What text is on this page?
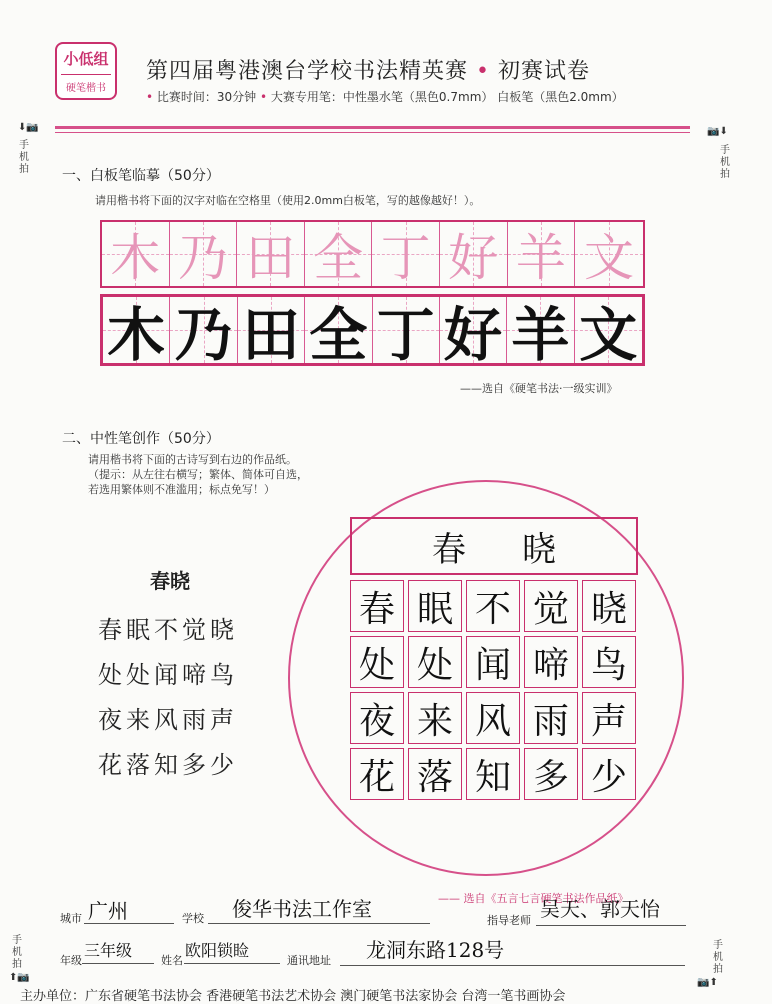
小低组
硬笔楷书
第四届粤港澳台学校书法精英赛 • 初赛试卷
• 比赛时间：30分钟 • 大赛专用笔：中性墨水笔（黑色0.7mm） 白板笔（黑色2.0mm）
⬇📷
手机拍
📷⬇
手机拍
手机拍
⬆📷
手机拍
📷⬆
一、白板笔临摹（50分）
请用楷书将下面的汉字对临在空格里（使用2.0mm白板笔，写的越像越好！）。
木 乃 田 全 丁 好 羊 文
木 乃 田 全 丁 好 羊 文
——选自《硬笔书法·一级实训》
二、中性笔创作（50分）
请用楷书将下面的古诗写到右边的作品纸。
（提示：从左往右横写；繁体、简体可自选，
若选用繁体则不准滥用；标点免写！）
春晓
春眠不觉晓
处处闻啼鸟
夜来风雨声
花落知多少
春 晓
春 眠 不 觉 晓
处 处 闻 啼 鸟
夜 来 风 雨 声
花 落 知 多 少
—— 选自《五言七言硬笔书法作品纸》
城市 广州	学校 俊华书法工作室	指导老师 吴天、郭天怡
年级
三年级
姓名
欧阳锁睑
通讯地址 龙洞东路128号
主办单位：广东省硬笔书法协会 香港硬笔书法艺术协会 澳门硬笔书法家协会 台湾一笔书画协会
